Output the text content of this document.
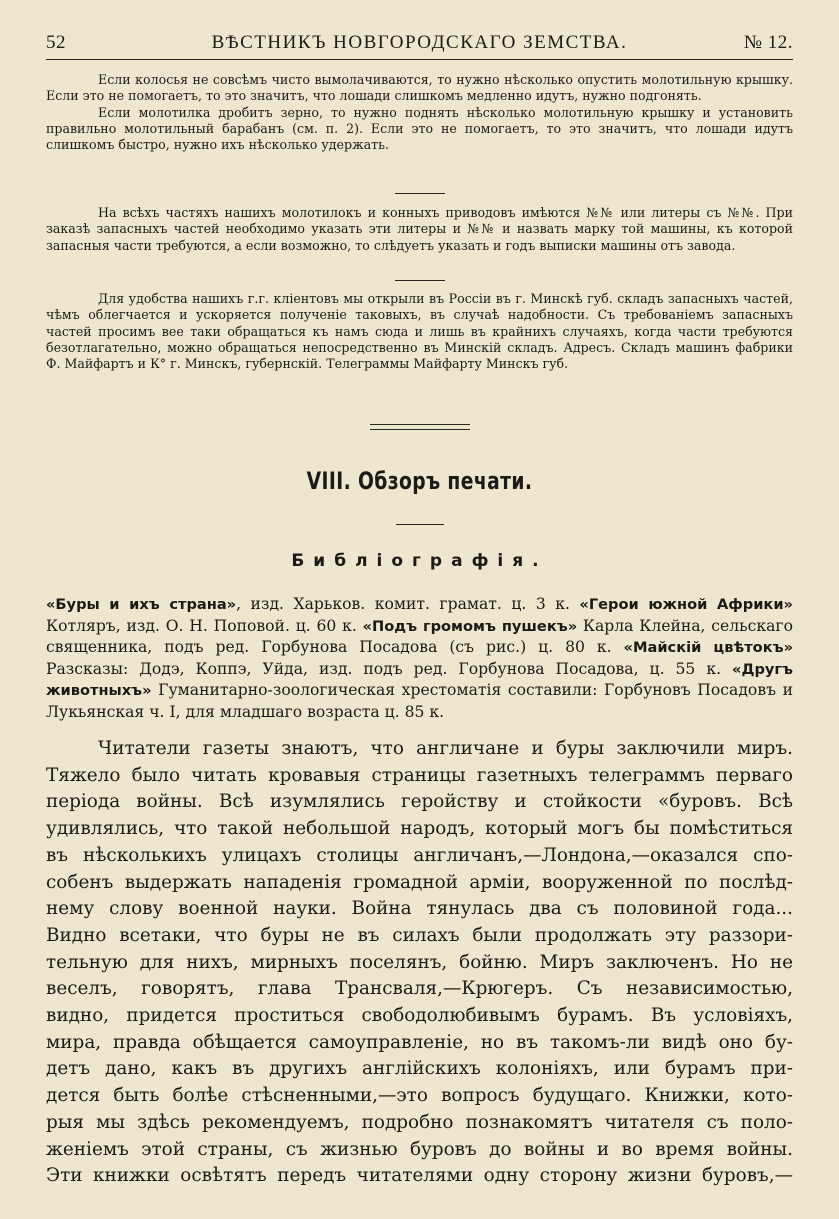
52	ВѢСТНИКЪ НОВГОРОДСКАГО ЗЕМСТВА.	№ 12.

Если колосья не совсѣмъ чисто вымолачиваются, то нужно нѣсколько опустить молотильную крышку. Если это не помогаетъ, то это значитъ, что лошади слишкомъ медленно идутъ, нужно подгонять.

Если молотилка дробитъ зерно, то нужно поднять нѣсколько молотильную крышку и установить правильно молотильный барабанъ (см. п. 2). Если это не помогаетъ, то это значитъ, что лошади идутъ слишкомъ быстро, нужно ихъ нѣсколько удержать.

На всѣхъ частяхъ нашихъ молотилокъ и конныхъ приводовъ имѣются №№ или литеры съ №№. При заказѣ запасныхъ частей необходимо указать эти литеры и №№ и назвать марку той машины, къ которой запасныя части требуются, а если возможно, то слѣдуетъ указать и годъ выписки машины отъ завода.

Для удобства нашихъ г.г. кліентовъ мы открыли въ Россіи въ г. Минскѣ губ. складъ запасныхъ частей, чѣмъ облегчается и ускоряется полученіе таковыхъ, въ случаѣ надобности. Съ требованіемъ запасныхъ частей просимъ вее таки обращаться къ намъ сюда и лишь въ крайнихъ случаяхъ, когда части требуются безотлагательно, можно обращаться непосредственно въ Минскій складъ. Адресъ. Складъ машинъ фабрики Ф. Майфартъ и К° г. Минскъ, губернскій. Телеграммы Майфарту Минскъ губ.

VIII. Обзоръ печати.
Библіографія.

«Буры и ихъ страна», изд. Харьков. комит. грамат. ц. 3 к. «Герои южной Африки» Котляръ, изд. О. Н. Поповой. ц. 60 к. «Подъ громомъ пушекъ» Карла Клейна, сельскаго священника, подъ ред. Горбунова Посадова (съ рис.) ц. 80 к. «Майскій цвѣтокъ» Разсказы: Додэ, Коппэ, Уйда, изд. подъ ред. Горбунова Посадова, ц. 55 к. «Другъ животныхъ» Гуманитарно-зоологическая хрестоматія составили: Горбуновъ Посадовъ и Лукьянская ч. I, для младшаго возраста ц. 85 к.

Читатели газеты знаютъ, что англичане и буры заключили миръ.
Тяжело было читать кровавыя страницы газетныхъ телеграммъ перваго
періода войны. Всѣ изумлялись геройству и стойкости «буровъ. Всѣ
удивлялись, что такой небольшой народъ, который могъ бы помѣститься
въ нѣсколькихъ улицахъ столицы англичанъ,—Лондона,—оказался спо-
собенъ выдержать нападенія громадной арміи, вооруженной по послѣд-
нему слову военной науки. Война тянулась два съ половиной года...
Видно всетаки, что буры не въ силахъ были продолжать эту раззори-
тельную для нихъ, мирныхъ поселянъ, бойню. Миръ заключенъ. Но не
веселъ, говорятъ, глава Трансваля,—Крюгеръ. Съ независимостью,
видно, придется проститься свободолюбивымъ бурамъ. Въ условіяхъ,
мира, правда обѣщается самоуправленіе, но въ такомъ-ли видѣ оно бу-
детъ дано, какъ въ другихъ англійскихъ колоніяхъ, или бурамъ при-
дется быть болѣе стѣсненными,—это вопросъ будущаго. Книжки, кото-
рыя мы здѣсь рекомендуемъ, подробно познакомятъ читателя съ поло-
женіемъ этой страны, съ жизнью буровъ до войны и во время войны.
Эти книжки освѣтятъ передъ читателями одну сторону жизни буровъ,—
